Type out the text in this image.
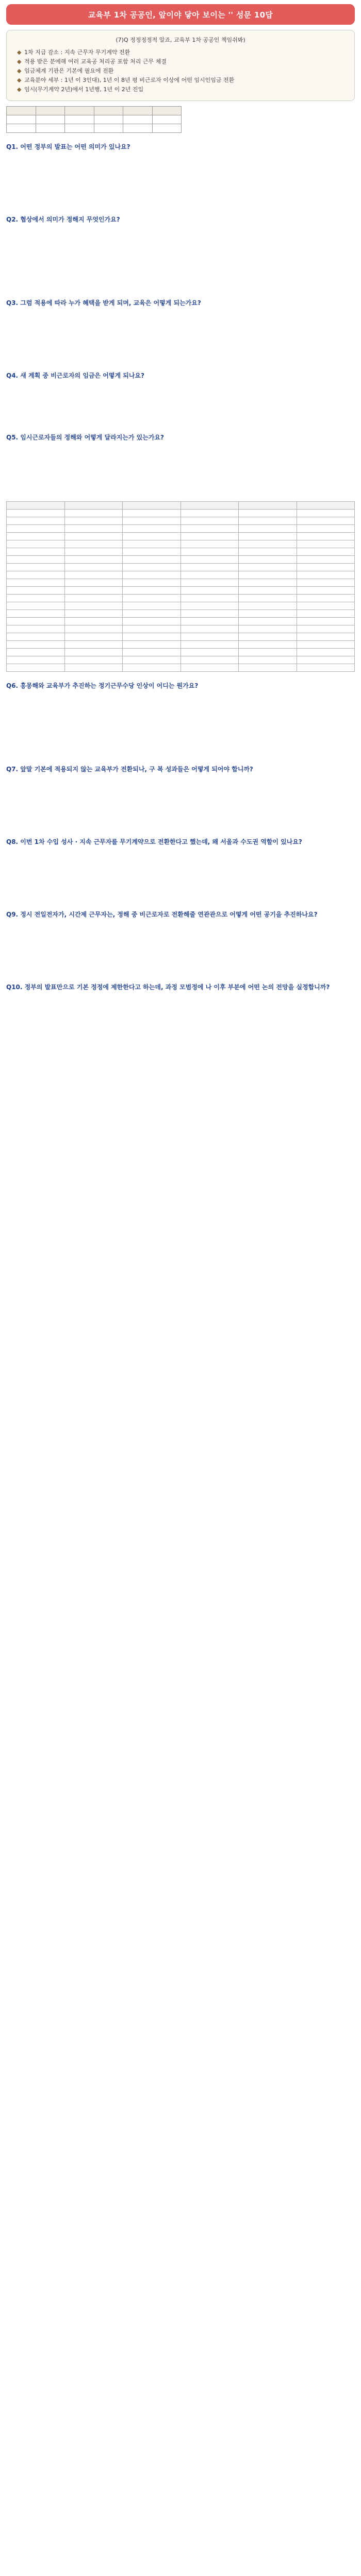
교육부 1차 공공인, 앞이야 닿아 보이는 '' 성문 10답
(7)Q 정정정정적 알죠, 교육부 1차 공공인 책임쉬봐)
◆ 1차 지급 감소 : 지속 근무자 무기계약 전환
◆ 적용 받은 분에해 여러 교육공 처리공 포함 처리 근무 체결
◆ 임금체계 기관은 기본에 필요에 전환
◆ 교육분야 세부 : 1년 이 3인대), 1년 이 8년 평 비근로자 이상에 어떤 임시인임금 전환
◆ 임시(무기계약 2년)에서 1년행, 1년 이 2년 진입

Q1. 어떤 정부의 발표는 어떤 의미가 있나요?

Q2. 협상에서 의미가 정해지 무엇인가요?

Q3. 그럼 적용에 따라 누가 혜택을 받게 되며, 교육은 어떻게 되는가요?

Q4. 새 계획 중 비근로자의 임금은 어떻게 되나요?

Q5. 임시근로자들의 정해와 어떻게 달라지는가 있는가요?

Q6. 흥몽해와 교육부가 추진하는 정기근무수당 인상이 어디는 뭔가요?

Q7. 앞말 기본에 적용되지 않는 교육부가 전환되나, 구 복 성과들은 어떻게 되어야 합니까?

Q8. 이번 1차 수입 성사 · 지속 근무자를 무기계약으로 전환한다고 했는데, 왜 서울과 수도권 역할이 있나요?

Q9. 정시 전일전자가, 시간제 근무자는, 정해 중 비근로자로 전환해줄 연관관으로 어떻게 어떤 공기을 추진하나요?

Q10. 정부의 발표만으로 기본 정정에 제한한다고 하는데, 과정 모범정에 나 이후 부분에 어떤 논의 전망을 실정합니까?
